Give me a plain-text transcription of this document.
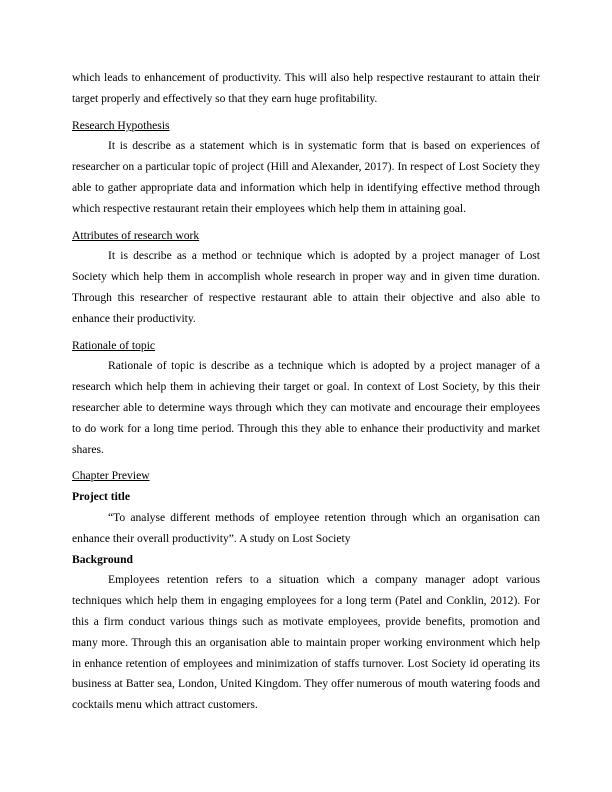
which leads to enhancement of productivity. This will also help respective restaurant to attain their target properly and effectively so that they earn huge profitability.

Research Hypothesis

It is describe as a statement which is in systematic form that is based on experiences of researcher on a particular topic of project (Hill and Alexander, 2017). In respect of Lost Society they able to gather appropriate data and information which help in identifying effective method through which respective restaurant retain their employees which help them in attaining goal.

Attributes of research work

It is describe as a method or technique which is adopted by a project manager of Lost Society which help them in accomplish whole research in proper way and in given time duration. Through this researcher of respective restaurant able to attain their objective and also able to enhance their productivity.

Rationale of topic

Rationale of topic is describe as a technique which is adopted by a project manager of a research which help them in achieving their target or goal. In context of Lost Society, by this their researcher able to determine ways through which they can motivate and encourage their employees to do work for a long time period. Through this they able to enhance their productivity and market shares.

Chapter Preview

Project title

“To analyse different methods of employee retention through which an organisation can enhance their overall productivity”. A study on Lost Society

Background

Employees retention refers to a situation which a company manager adopt various techniques which help them in engaging employees for a long term (Patel and Conklin, 2012). For this a firm conduct various things such as motivate employees, provide benefits, promotion and many more. Through this an organisation able to maintain proper working environment which help in enhance retention of employees and minimization of staffs turnover. Lost Society id operating its business at Batter sea, London, United Kingdom. They offer numerous of mouth watering foods and cocktails menu which attract customers.
